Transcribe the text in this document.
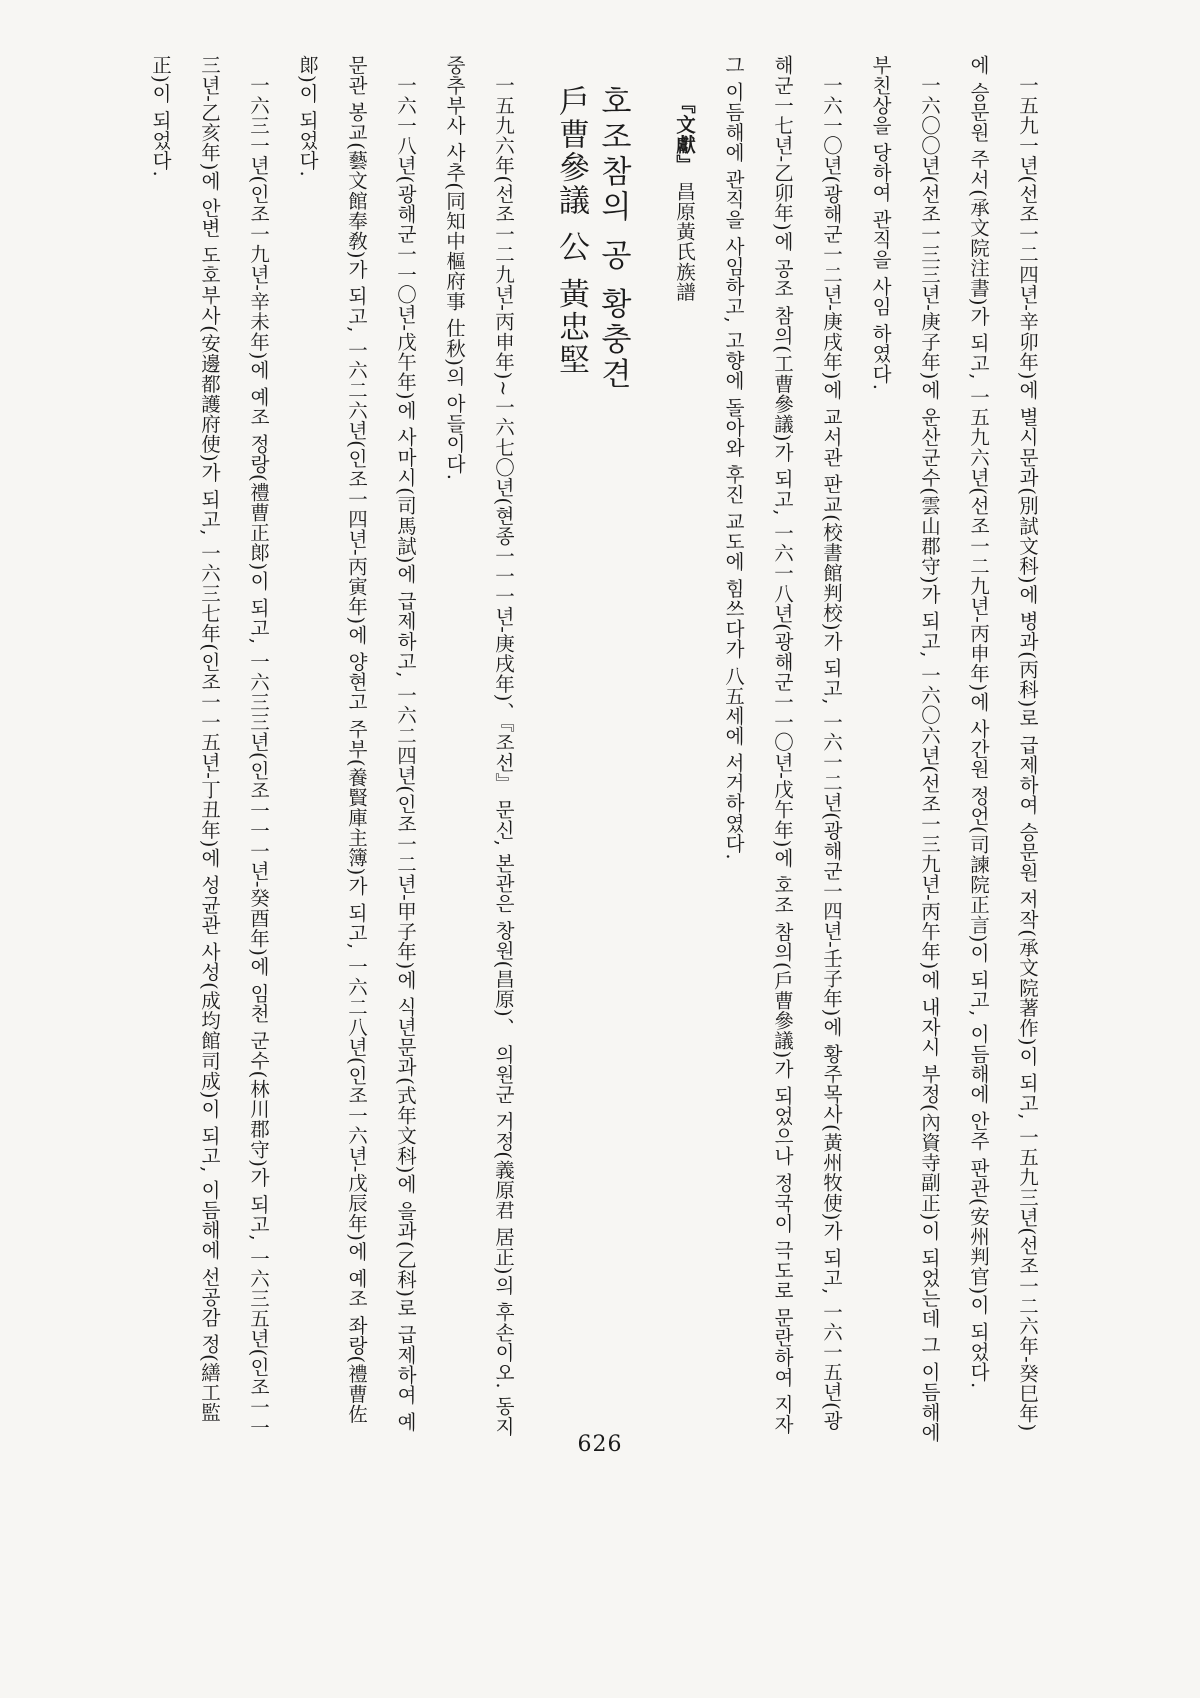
一五九一년(선조一二四년-辛卯年)에 별시문과(別試文科)에 병과(丙科)로 급제하여 승문원 저작(承文院著作)이 되고, 一五九三년(선조一二六年-癸巳年)에 승문원 주서(承文院注書)가 되고, 一五九六년(선조一二九년-丙申年)에 사간원 정언(司諫院正言)이 되고, 이듬해에 안주 판관(安州判官)이 되었다.

一六〇〇년(선조一三三년-庚子年)에 운산군수(雲山郡守)가 되고, 一六〇六년(선조一三九년-丙午年)에 내자시 부정(內資寺副正)이 되었는데 그 이듬해에 부친상을 당하여 관직을 사임 하였다.

一六一〇년(광해군一二년-庚戌年)에 교서관 판교(校書館判校)가 되고, 一六一二년(광해군一四년-壬子年)에 황주목사(黃州牧使)가 되고, 一六一五년(광해군一七년-乙卯年)에 공조 참의(工曹參議)가 되고, 一六一八년(광해군一一〇년-戊午年)에 호조 참의(戶曹參議)가 되었으나 정국이 극도로 문란하여 지자 그 이듬해에 관직을 사임하고, 고향에 돌아와 후진 교도에 힘쓰다가 八五세에 서거하였다.

『文獻』 昌原黃氏族譜

호조참의 공 황충견
戶曹參議 公 黃忠堅

一五九六年(선조一二九년-丙申年)~一六七〇년(현종一一一년-庚戌年)、『조선』 문신, 본관은 창원(昌原)、 의원군 거정(義原君 居正)의 후손이오. 동지중추부사 사추(同知中樞府事 仕秋)의 아들이다.

一六一八년(광해군一一〇년-戊午年)에 사마시(司馬試)에 급제하고, 一六二四년(인조一二년-甲子年)에 식년문과(式年文科)에 을과(乙科)로 급제하여 예문관 봉교(藝文館奉敎)가 되고, 一六二六년(인조一四년-丙寅年)에 양현고 주부(養賢庫主簿)가 되고, 一六二八년(인조一六년-戊辰年)에 예조 좌랑(禮曹佐郞)이 되었다.

一六三一년(인조一九년-辛未年)에 예조 정랑(禮曹正郞)이 되고, 一六三三년(인조一一一년-癸酉年)에 임천 군수(林川郡守)가 되고, 一六三五년(인조一一三년-乙亥年)에 안변 도호부사(安邊都護府使)가 되고, 一六三七年(인조一一五년-丁丑年)에 성균관 사성(成均館司成)이 되고, 이듬해에 선공감 정(繕工監正)이 되었다.

626
